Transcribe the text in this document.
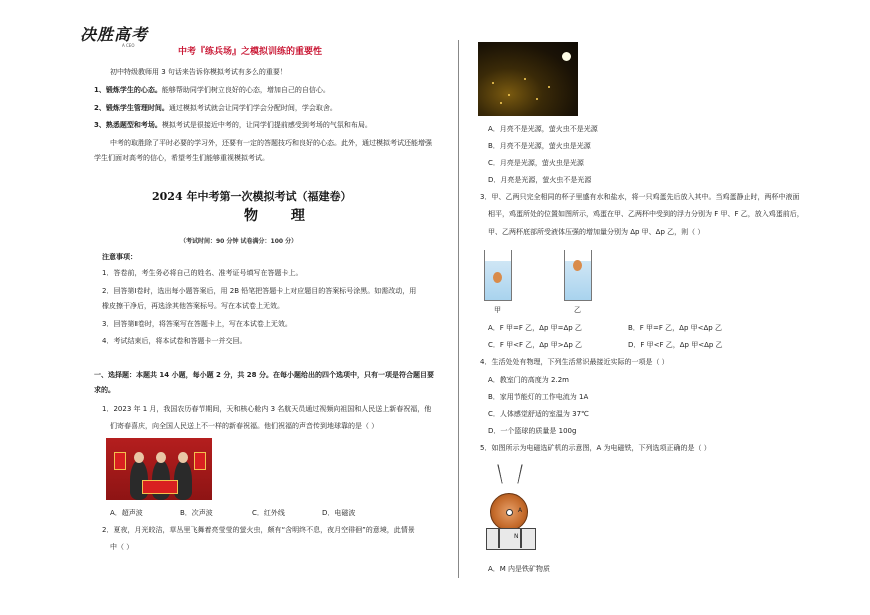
决胜高考
A CEO
中考『练兵场』之模拟训练的重要性
初中特级教师用 3 句话来告诉你模拟考试有多么的重要！
1、锻炼学生的心态。能够帮助同学们树立良好的心态，增加自己的自信心。
2、锻炼学生管理时间。通过模拟考试就会让同学们学会分配时间，学会取舍。
3、熟悉题型和考场。模拟考试是很接近中考的，让同学们提前感受到考场的气氛和布局。
中考的取胜除了平时必要的学习外，还要有一定的答题技巧和良好的心态。此外，通过模拟考试还能增强
学生们面对高考的信心，希望考生们能够重视模拟考试。
2024 年中考第一次模拟考试（福建卷）
物 理
（考试时间：90 分钟 试卷满分：100 分）
注意事项：
1．答卷前，考生务必将自己的姓名、准考证号填写在答题卡上。
2．回答第Ⅰ卷时，选出每小题答案后，用 2B 铅笔把答题卡上对应题目的答案标号涂黑。如需改动，用
橡皮擦干净后，再选涂其他答案标号。写在本试卷上无效。
3．回答第Ⅱ卷时，将答案写在答题卡上，写在本试卷上无效。
4．考试结束后，将本试卷和答题卡一并交回。
一、选择题：本题共 14 小题，每小题 2 分，共 28 分。在每小题给出的四个选项中，只有一项是符合题目要
求的。
1．2023 年 1 月，我国农历春节期间，天和核心舱内 3 名航天员通过视频向祖国和人民送上新春祝福，他
们寄春喜庆，向全国人民送上不一样的新春祝福。他们祝福的声音传到地球靠的是（ ）
A．超声波	B．次声波	C．红外线	D．电磁波
2．夏夜，月光皎洁，草丛里飞舞着亮莹莹的萤火虫，颇有“含明终不息，夜月空徘徊”的意境，此情景
中（ ）
A．月亮不是光源，萤火虫不是光源
B．月亮不是光源，萤火虫是光源
C．月亮是光源，萤火虫是光源
D．月亮是光源，萤火虫不是光源
3．甲、乙两只完全相同的杯子里盛有水和盐水，将一只鸡蛋先后放入其中。当鸡蛋静止时，两杯中液面
相平，鸡蛋所处的位置如图所示，鸡蛋在甲、乙两杯中受到的浮力分别为 F 甲、F 乙，放入鸡蛋前后，
甲、乙两杯底部所受液体压强的增加量分别为 Δp 甲、Δp 乙，则（ ）
甲	乙
A．F 甲=F 乙，Δp 甲=Δp 乙	B．F 甲=F 乙，Δp 甲<Δp 乙
C．F 甲<F 乙，Δp 甲>Δp 乙	D．F 甲<F 乙，Δp 甲<Δp 乙
4．生活处处有物理，下列生活常识最接近实际的一项是（ ）
A．教室门的高度为 2.2m
B．家用节能灯的工作电流为 1A
C．人体感觉舒适的室温为 37℃
D．一个篮球的质量是 100g
5．如图所示为电磁选矿机的示意图，A 为电磁铁，下列选项正确的是（ ）
A
N
A．M 内是铁矿物质
